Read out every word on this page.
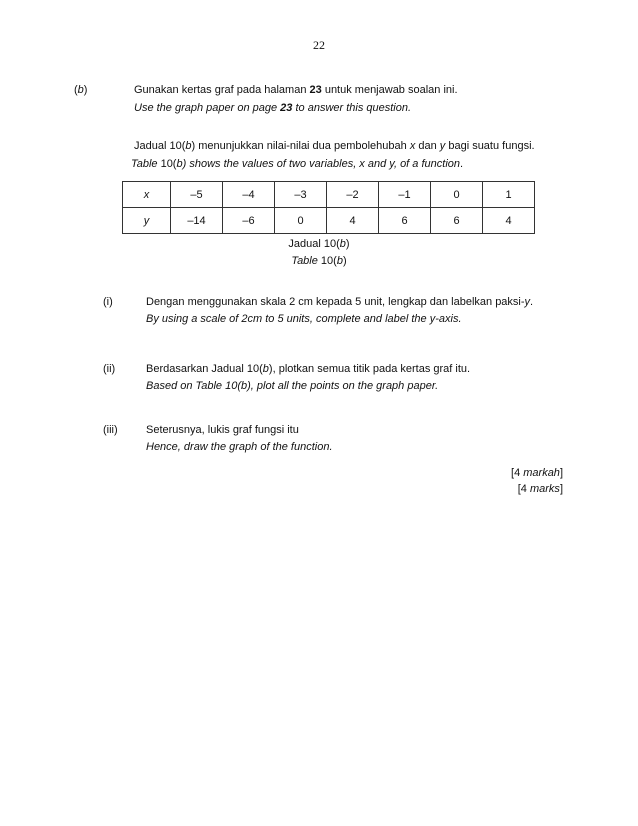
22
(b)	Gunakan kertas graf pada halaman 23 untuk menjawab soalan ini.
Use the graph paper on page 23 to answer this question.
Jadual 10(b) menunjukkan nilai-nilai dua pembolehubah x dan y bagi suatu fungsi.
Table 10(b) shows the values of two variables, x and y, of a function.
x	–5	–4	–3	–2	–1	0	1
y	–14	–6	0	4	6	6	4
Jadual 10(b)
Table 10(b)
(i)	Dengan menggunakan skala 2 cm kepada 5 unit, lengkap dan labelkan paksi-y.
By using a scale of 2cm to 5 units, complete and label the y-axis.
(ii)	Berdasarkan Jadual 10(b), plotkan semua titik pada kertas graf itu.
Based on Table 10(b), plot all the points on the graph paper.
(iii)	Seterusnya, lukis graf fungsi itu
Hence, draw the graph of the function.
[4 markah]
[4 marks]
